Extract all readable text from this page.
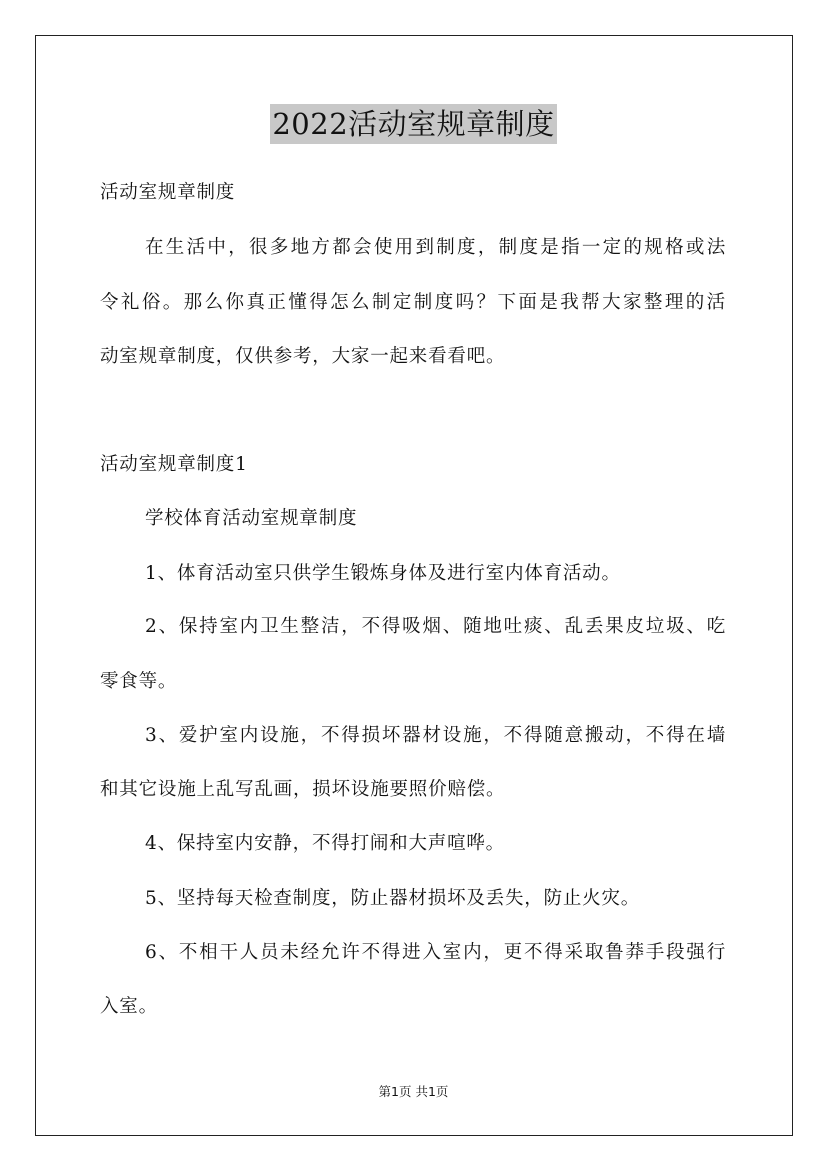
2022活动室规章制度
活动室规章制度
在生活中，很多地方都会使用到制度，制度是指一定的规格或法
令礼俗。那么你真正懂得怎么制定制度吗？下面是我帮大家整理的活
动室规章制度，仅供参考，大家一起来看看吧。
活动室规章制度1
学校体育活动室规章制度
1、体育活动室只供学生锻炼身体及进行室内体育活动。
2、保持室内卫生整洁，不得吸烟、随地吐痰、乱丢果皮垃圾、吃
零食等。
3、爱护室内设施，不得损坏器材设施，不得随意搬动，不得在墙
和其它设施上乱写乱画，损坏设施要照价赔偿。
4、保持室内安静，不得打闹和大声喧哗。
5、坚持每天检查制度，防止器材损坏及丢失，防止火灾。
6、不相干人员未经允许不得进入室内，更不得采取鲁莽手段强行
入室。
第1页 共1页
